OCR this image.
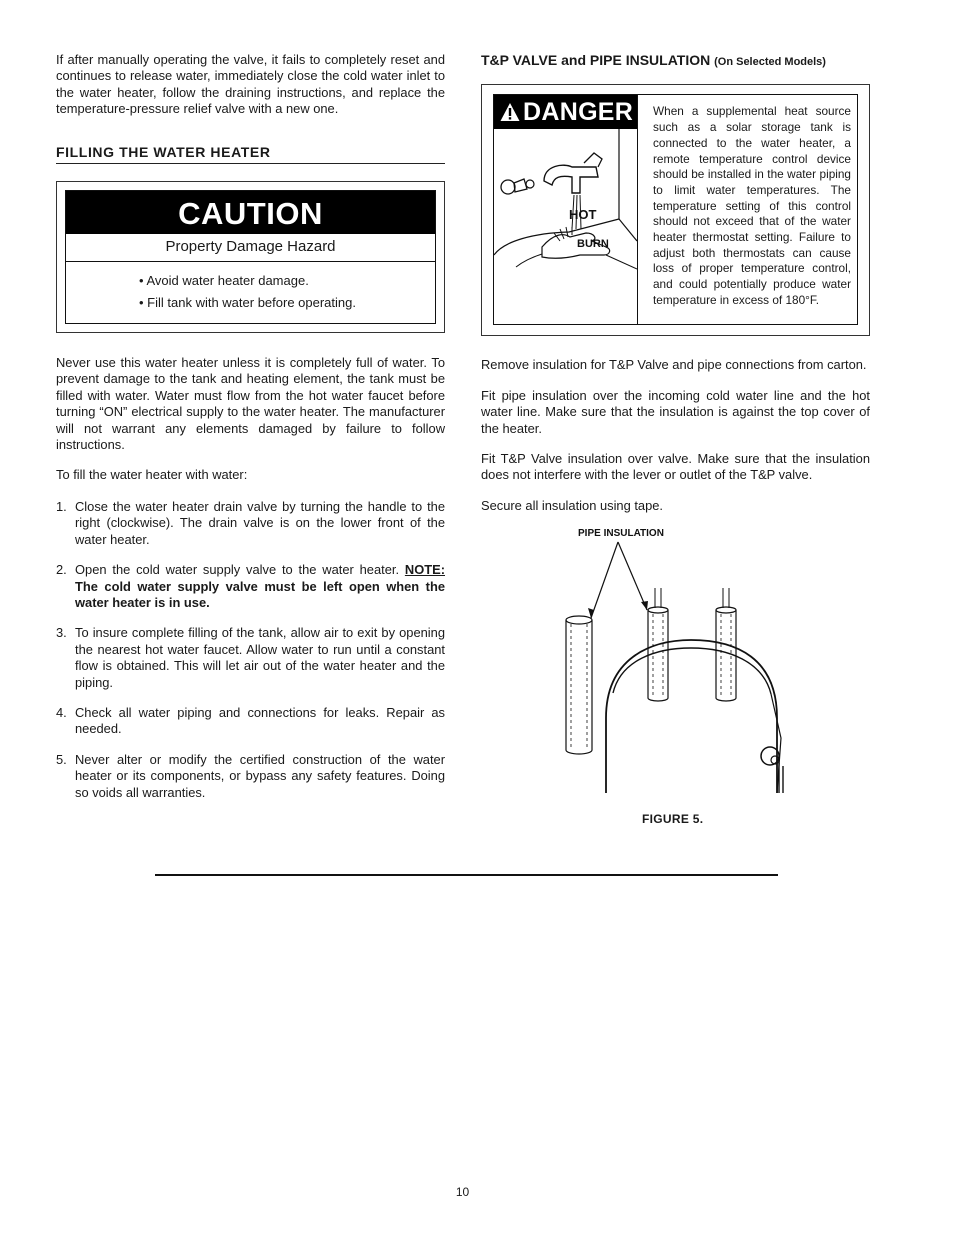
If after manually operating the valve, it fails to completely reset and continues to release water, immediately close the cold water inlet to the water heater, follow the draining instructions, and replace the temperature-pressure relief valve with a new one.

FILLING THE WATER HEATER
CAUTION
Property Damage Hazard
• Avoid water heater damage.
• Fill tank with water before operating.

Never use this water heater unless it is completely full of water. To prevent damage to the tank and heating element, the tank must be filled with water. Water must flow from the hot water faucet before turning “ON” electrical supply to the water heater. The manufacturer will not warrant any elements damaged by failure to follow instructions.

To fill the water heater with water:

1. Close the water heater drain valve by turning the handle to the right (clockwise). The drain valve is on the lower front of the water heater.
2. Open the cold water supply valve to the water heater. NOTE: The cold water supply valve must be left open when the water heater is in use.
3. To insure complete filling of the tank, allow air to exit by opening the nearest hot water faucet. Allow water to run until a constant flow is obtained. This will let air out of the water heater and the piping.
4. Check all water piping and connections for leaks. Repair as needed.
5. Never alter or modify the certified construction of the water heater or its components, or bypass any safety features. Doing so voids all warranties.

T&P VALVE and PIPE INSULATION (On Selected Models)

DANGER
HOT
BURN
When a supplemental heat source such as a solar storage tank is connected to the water heater, a remote temperature control device should be installed in the water piping to limit water temperatures. The temperature setting of this control should not exceed that of the water heater thermostat setting. Failure to adjust both thermostats can cause loss of proper temperature control, and could potentially produce water temperature in excess of 180°F.

Remove insulation for T&P Valve and pipe connections from carton.

Fit pipe insulation over the incoming cold water line and the hot water line. Make sure that the insulation is against the top cover of the heater.

Fit T&P Valve insulation over valve. Make sure that the insulation does not interfere with the lever or outlet of the T&P valve.

Secure all insulation using tape.

PIPE INSULATION
FIGURE 5.
10
